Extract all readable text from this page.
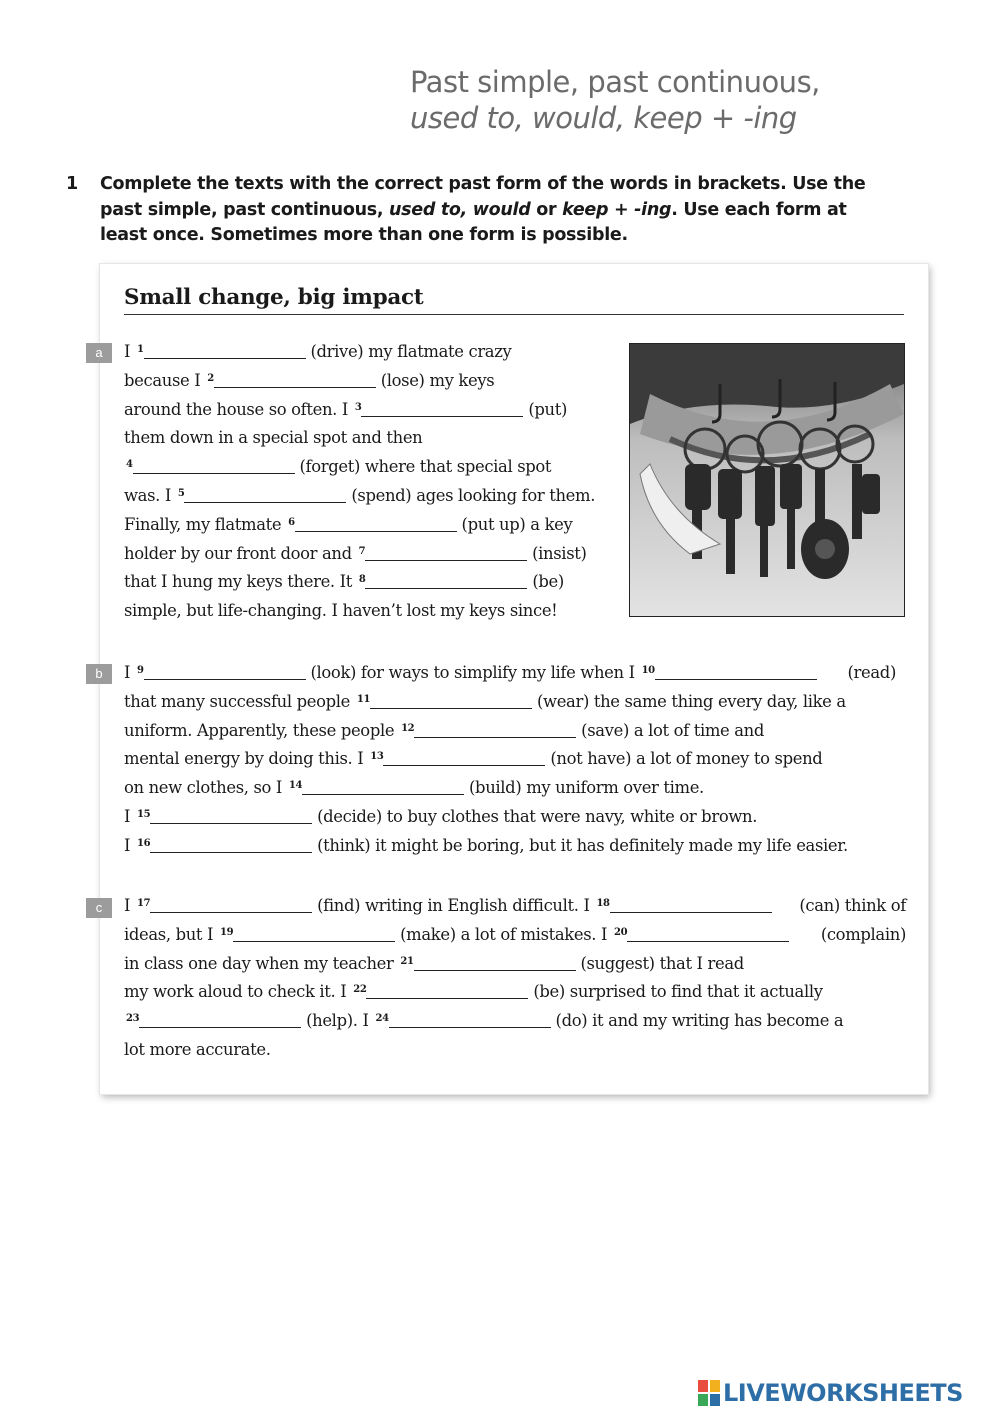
Past simple, past continuous,
used to, would, keep + -ing
1 Complete the texts with the correct past form of the words in brackets. Use the past simple, past continuous, used to, would or keep + -ing. Use each form at least once. Sometimes more than one form is possible.
Small change, big impact
a	I $^1$	(drive) my flatmate crazy
because I $^2$	(lose) my keys
around the house so often. I $^3$	(put)
them down in a special spot and then
$^4$	(forget) where that special spot
was. I $^5$	(spend) ages looking for them.
Finally, my flatmate $^6$	(put up) a key
holder by our front door and $^7$	(insist)
that I hung my keys there. It $^8$	(be)
simple, but life-changing. I haven’t lost my keys since!
b	I $^9$	(look) for ways to simplify my life when I $^{10}$	(read)
that many successful people $^{11}$	(wear) the same thing every day, like a
uniform. Apparently, these people $^{12}$	(save) a lot of time and
mental energy by doing this. I $^{13}$	(not have) a lot of money to spend
on new clothes, so I $^{14}$	(build) my uniform over time.
I $^{15}$	(decide) to buy clothes that were navy, white or brown.
I $^{16}$	(think) it might be boring, but it has definitely made my life easier.
c	I $^{17}$	(find) writing in English difficult. I $^{18}$	(can) think of
ideas, but I $^{19}$	(make) a lot of mistakes. I $^{20}$	(complain)
in class one day when my teacher $^{21}$	(suggest) that I read
my work aloud to check it. I $^{22}$	(be) surprised to find that it actually
$^{23}$	(help). I $^{24}$	(do) it and my writing has become a
lot more accurate.
LIVEWORKSHEETS
